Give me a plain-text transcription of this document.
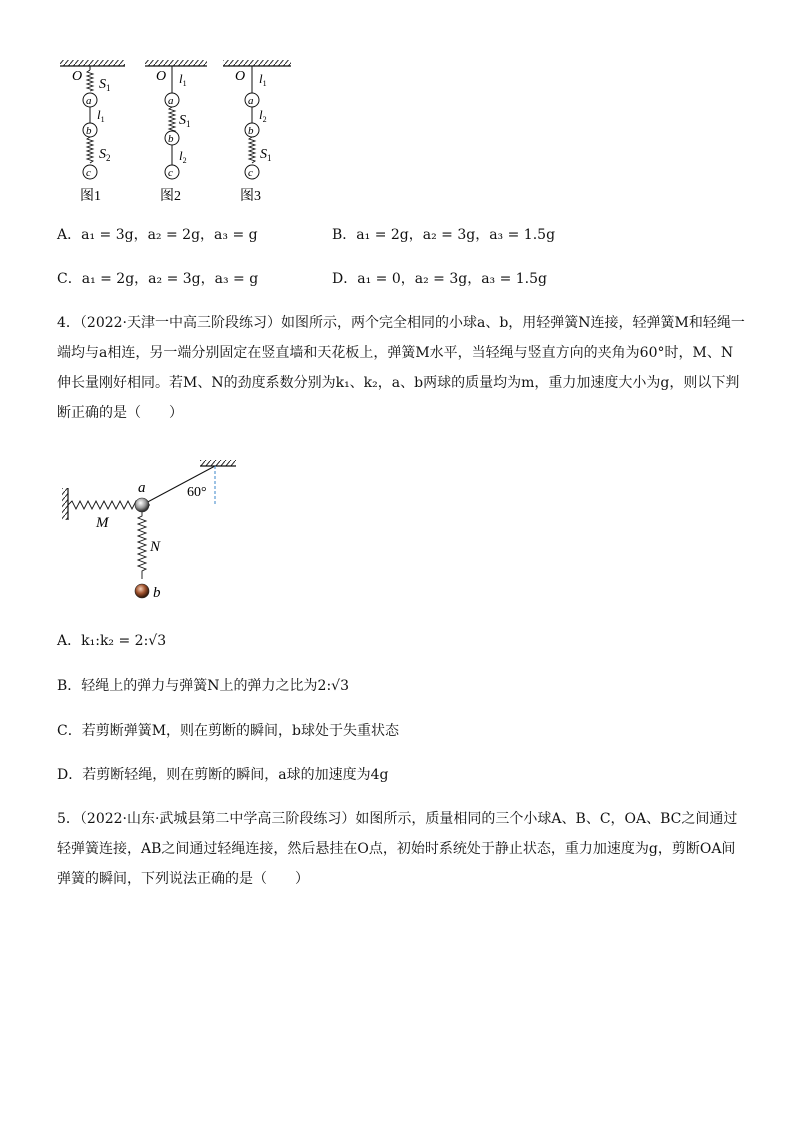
O
$S_1$
a
$l_1$
b
$S_2$
c
O $l_1$
a
$S_1$
b
$l_2$
c
O $l_1$
a
$l_2$
b
$S_1$
c
图1	图2	图3
A．a₁ = 3g，a₂ = 2g，a₃ = g	B．a₁ = 2g，a₂ = 3g，a₃ = 1.5g
C．a₁ = 2g，a₂ = 3g，a₃ = g	D．a₁ = 0，a₂ = 3g，a₃ = 1.5g
4．（2022·天津一中高三阶段练习）如图所示，两个完全相同的小球a、b，用轻弹簧N连接，轻弹簧M和轻绳一端均与a相连，另一端分别固定在竖直墙和天花板上，弹簧M水平，当轻绳与竖直方向的夹角为60°时，M、N伸长量刚好相同。若M、N的劲度系数分别为k₁、k₂，a、b两球的质量均为m，重力加速度大小为g，则以下判断正确的是（　　）
M
60°
a
N
b
A．k₁:k₂ = 2:√3
B．轻绳上的弹力与弹簧N上的弹力之比为2:√3
C．若剪断弹簧M，则在剪断的瞬间，b球处于失重状态
D．若剪断轻绳，则在剪断的瞬间，a球的加速度为4g
5．（2022·山东·武城县第二中学高三阶段练习）如图所示，质量相同的三个小球A、B、C，OA、BC之间通过轻弹簧连接，AB之间通过轻绳连接，然后悬挂在O点，初始时系统处于静止状态，重力加速度为g，剪断OA间弹簧的瞬间，下列说法正确的是（　　）
